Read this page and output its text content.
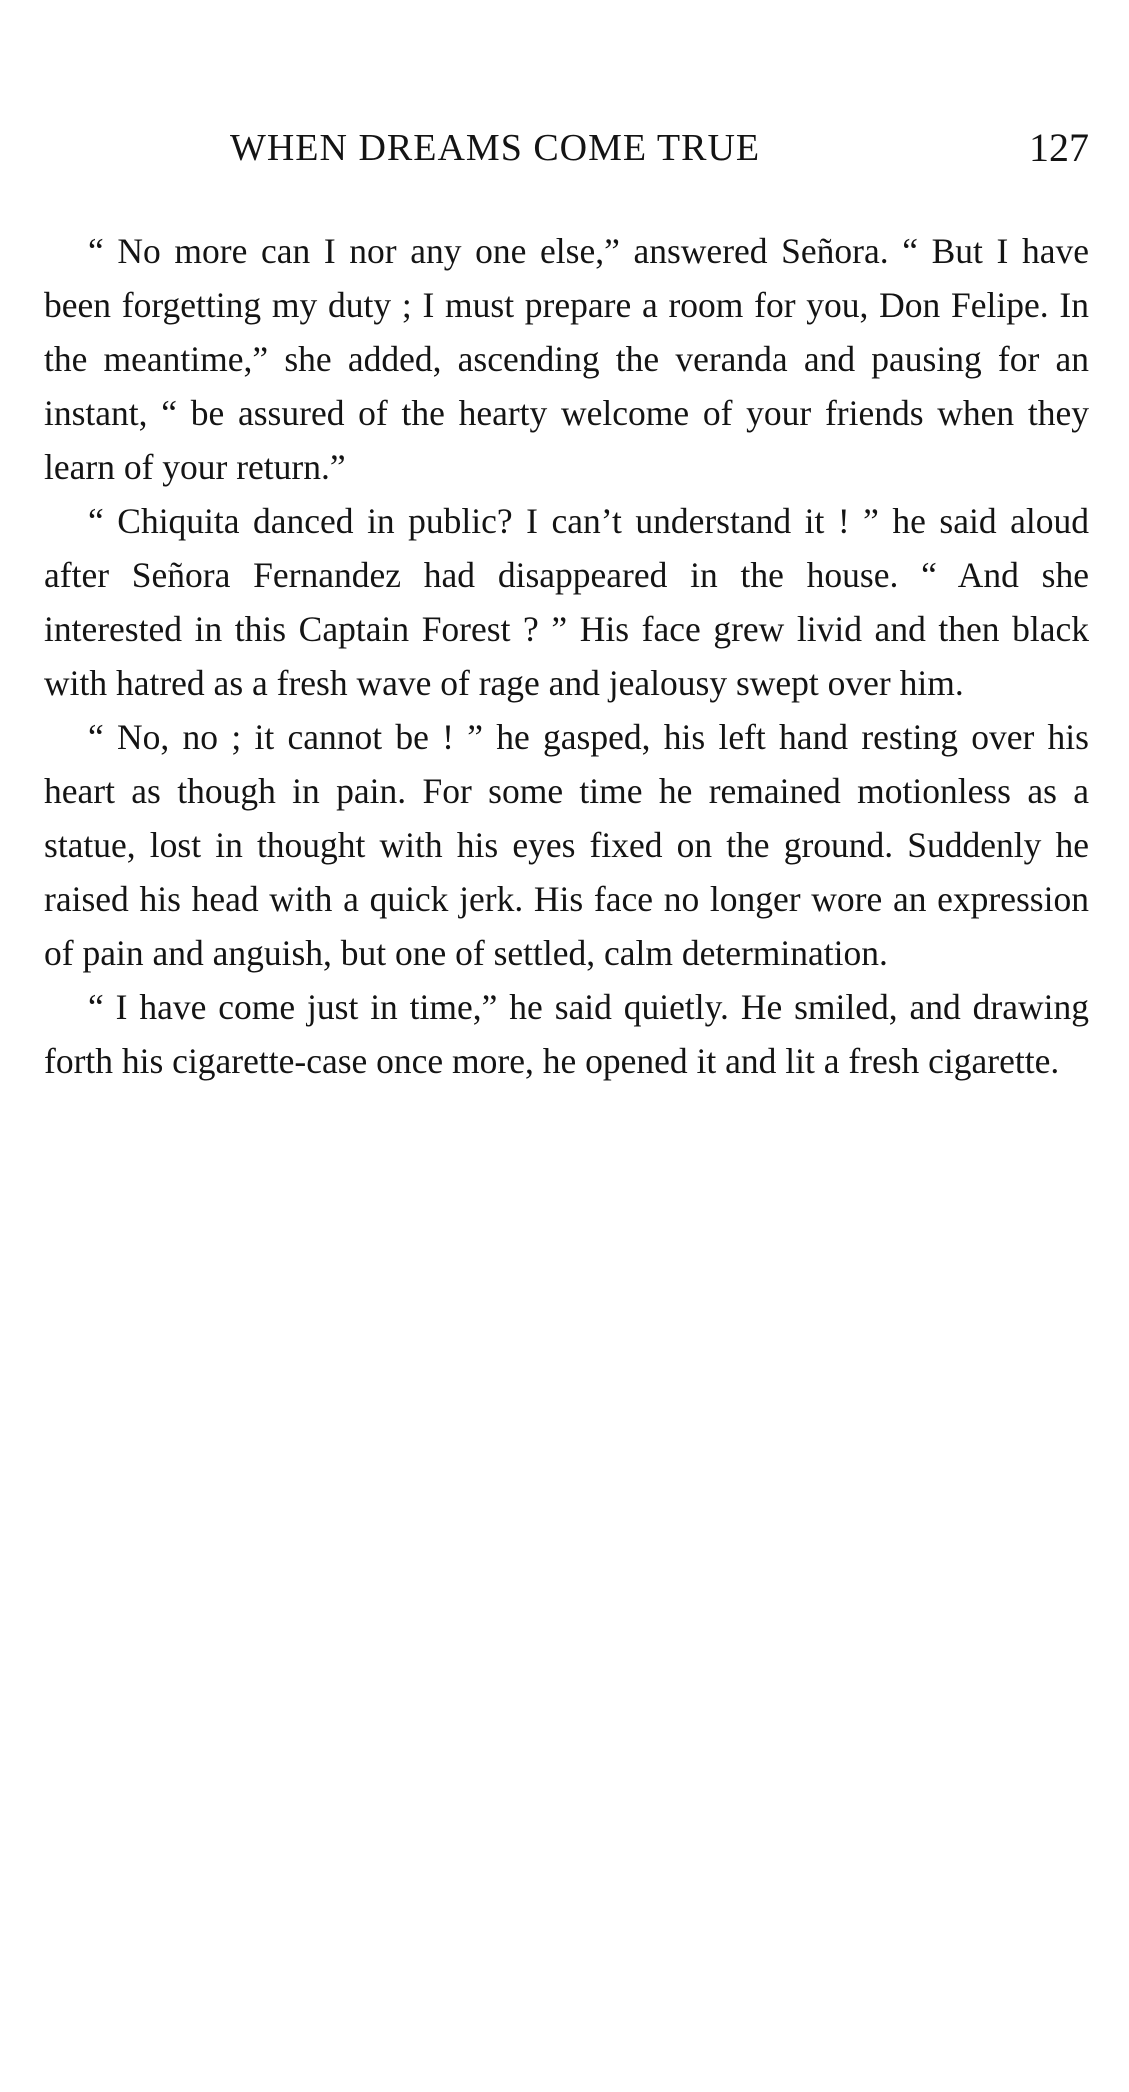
WHEN DREAMS COME TRUE	127

“ No more can I nor any one else,” answered Señora. “ But I have been forgetting my duty ; I must prepare a room for you, Don Felipe. In the meantime,” she added, ascending the veranda and pausing for an instant, “ be assured of the hearty welcome of your friends when they learn of your return.”

“ Chiquita danced in public? I can’t understand it ! ” he said aloud after Señora Fernandez had disappeared in the house. “ And she interested in this Captain Forest ? ” His face grew livid and then black with hatred as a fresh wave of rage and jealousy swept over him.

“ No, no ; it cannot be ! ” he gasped, his left hand resting over his heart as though in pain. For some time he remained motionless as a statue, lost in thought with his eyes fixed on the ground. Suddenly he raised his head with a quick jerk. His face no longer wore an expression of pain and anguish, but one of settled, calm determination.

“ I have come just in time,” he said quietly. He smiled, and drawing forth his cigarette-case once more, he opened it and lit a fresh cigarette.
